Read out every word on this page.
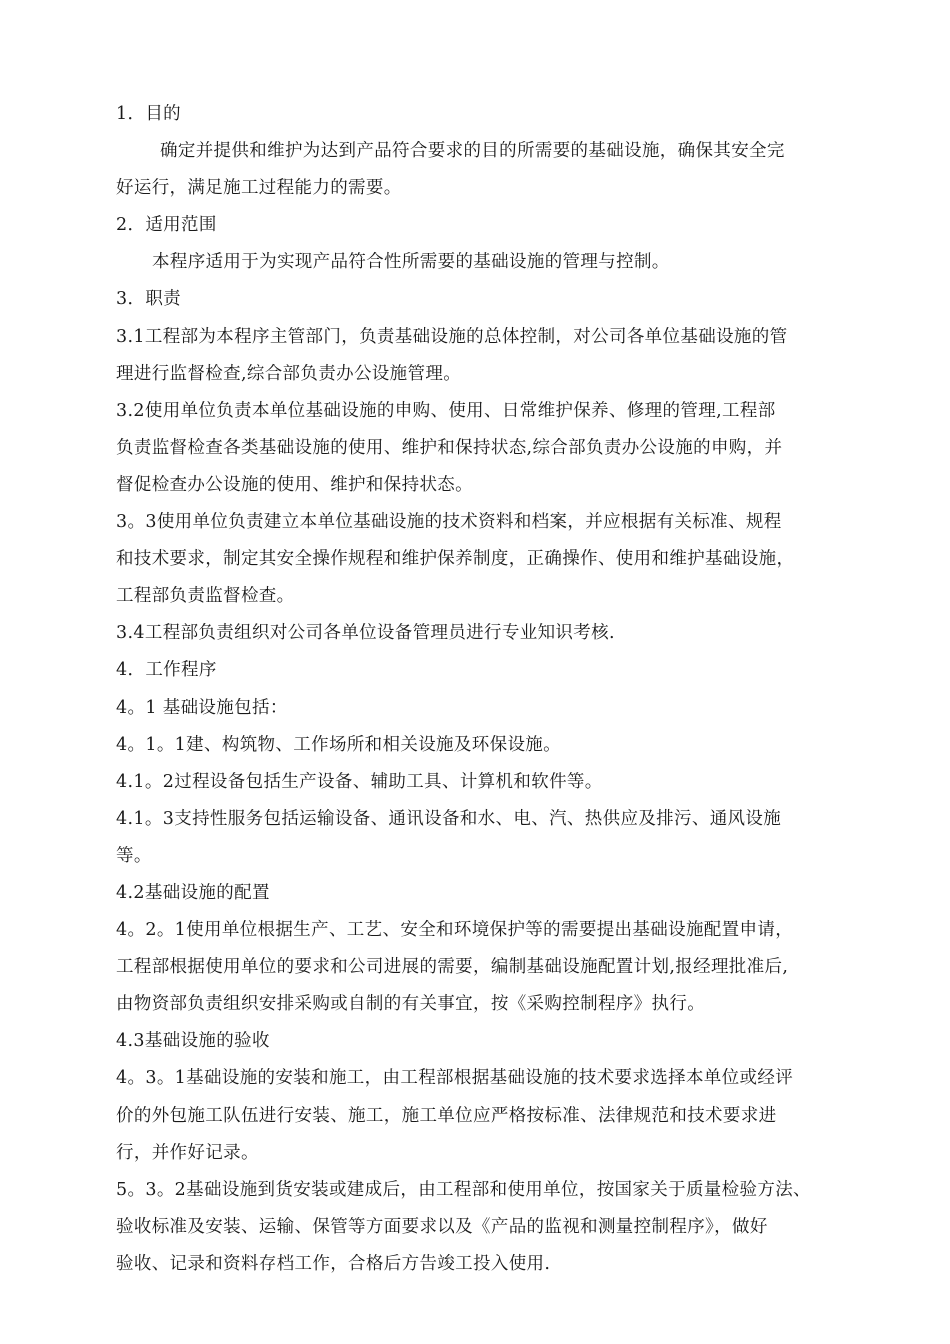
1．目的
确定并提供和维护为达到产品符合要求的目的所需要的基础设施，确保其安全完
好运行，满足施工过程能力的需要。
2．适用范围
本程序适用于为实现产品符合性所需要的基础设施的管理与控制。
3．职责
3.1工程部为本程序主管部门，负责基础设施的总体控制，对公司各单位基础设施的管
理进行监督检查,综合部负责办公设施管理。
3.2使用单位负责本单位基础设施的申购、使用、日常维护保养、修理的管理,工程部
负责监督检查各类基础设施的使用、维护和保持状态,综合部负责办公设施的申购，并
督促检查办公设施的使用、维护和保持状态。
3。3使用单位负责建立本单位基础设施的技术资料和档案，并应根据有关标准、规程
和技术要求，制定其安全操作规程和维护保养制度，正确操作、使用和维护基础设施，
工程部负责监督检查。
3.4工程部负责组织对公司各单位设备管理员进行专业知识考核.
4．工作程序
4。1 基础设施包括：
4。1。1建、构筑物、工作场所和相关设施及环保设施。
4.1。2过程设备包括生产设备、辅助工具、计算机和软件等。
4.1。3支持性服务包括运输设备、通讯设备和水、电、汽、热供应及排污、通风设施
等。
4.2基础设施的配置
4。2。1使用单位根据生产、工艺、安全和环境保护等的需要提出基础设施配置申请，
工程部根据使用单位的要求和公司进展的需要，编制基础设施配置计划,报经理批准后,
由物资部负责组织安排采购或自制的有关事宜，按《采购控制程序》执行。
4.3基础设施的验收
4。3。1基础设施的安装和施工，由工程部根据基础设施的技术要求选择本单位或经评
价的外包施工队伍进行安装、施工，施工单位应严格按标准、法律规范和技术要求进
行，并作好记录。
5。3。2基础设施到货安装或建成后，由工程部和使用单位，按国家关于质量检验方法、
验收标准及安装、运输、保管等方面要求以及《产品的监视和测量控制程序》，做好
验收、记录和资料存档工作，合格后方告竣工投入使用.
